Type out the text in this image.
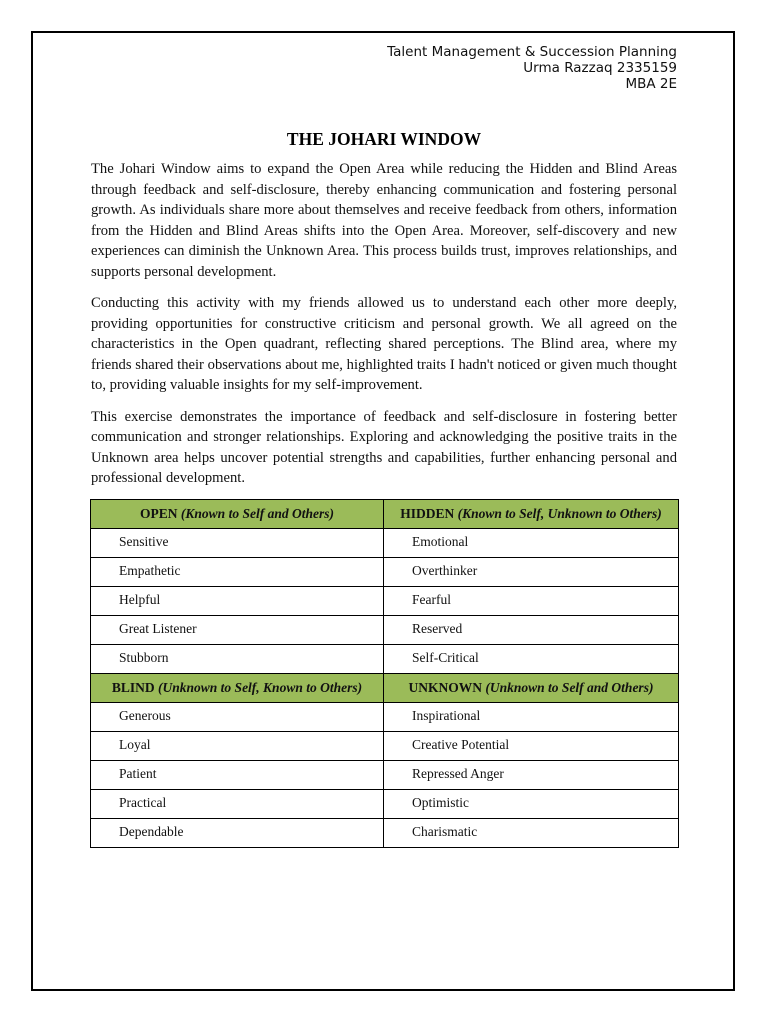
Talent Management & Succession Planning
Urma Razzaq 2335159
MBA 2E
THE JOHARI WINDOW

The Johari Window aims to expand the Open Area while reducing the Hidden and Blind Areas through feedback and self-disclosure, thereby enhancing communication and fostering personal growth. As individuals share more about themselves and receive feedback from others, information from the Hidden and Blind Areas shifts into the Open Area. Moreover, self-discovery and new experiences can diminish the Unknown Area. This process builds trust, improves relationships, and supports personal development.

Conducting this activity with my friends allowed us to understand each other more deeply, providing opportunities for constructive criticism and personal growth. We all agreed on the characteristics in the Open quadrant, reflecting shared perceptions. The Blind area, where my friends shared their observations about me, highlighted traits I hadn't noticed or given much thought to, providing valuable insights for my self-improvement.

This exercise demonstrates the importance of feedback and self-disclosure in fostering better communication and stronger relationships. Exploring and acknowledging the positive traits in the Unknown area helps uncover potential strengths and capabilities, further enhancing personal and professional development.

OPEN (Known to Self and Others)	HIDDEN (Known to Self, Unknown to Others)
Sensitive	Emotional
Empathetic	Overthinker
Helpful	Fearful
Great Listener	Reserved
Stubborn	Self-Critical
BLIND (Unknown to Self, Known to Others)	UNKNOWN (Unknown to Self and Others)
Generous	Inspirational
Loyal	Creative Potential
Patient	Repressed Anger
Practical	Optimistic
Dependable	Charismatic
